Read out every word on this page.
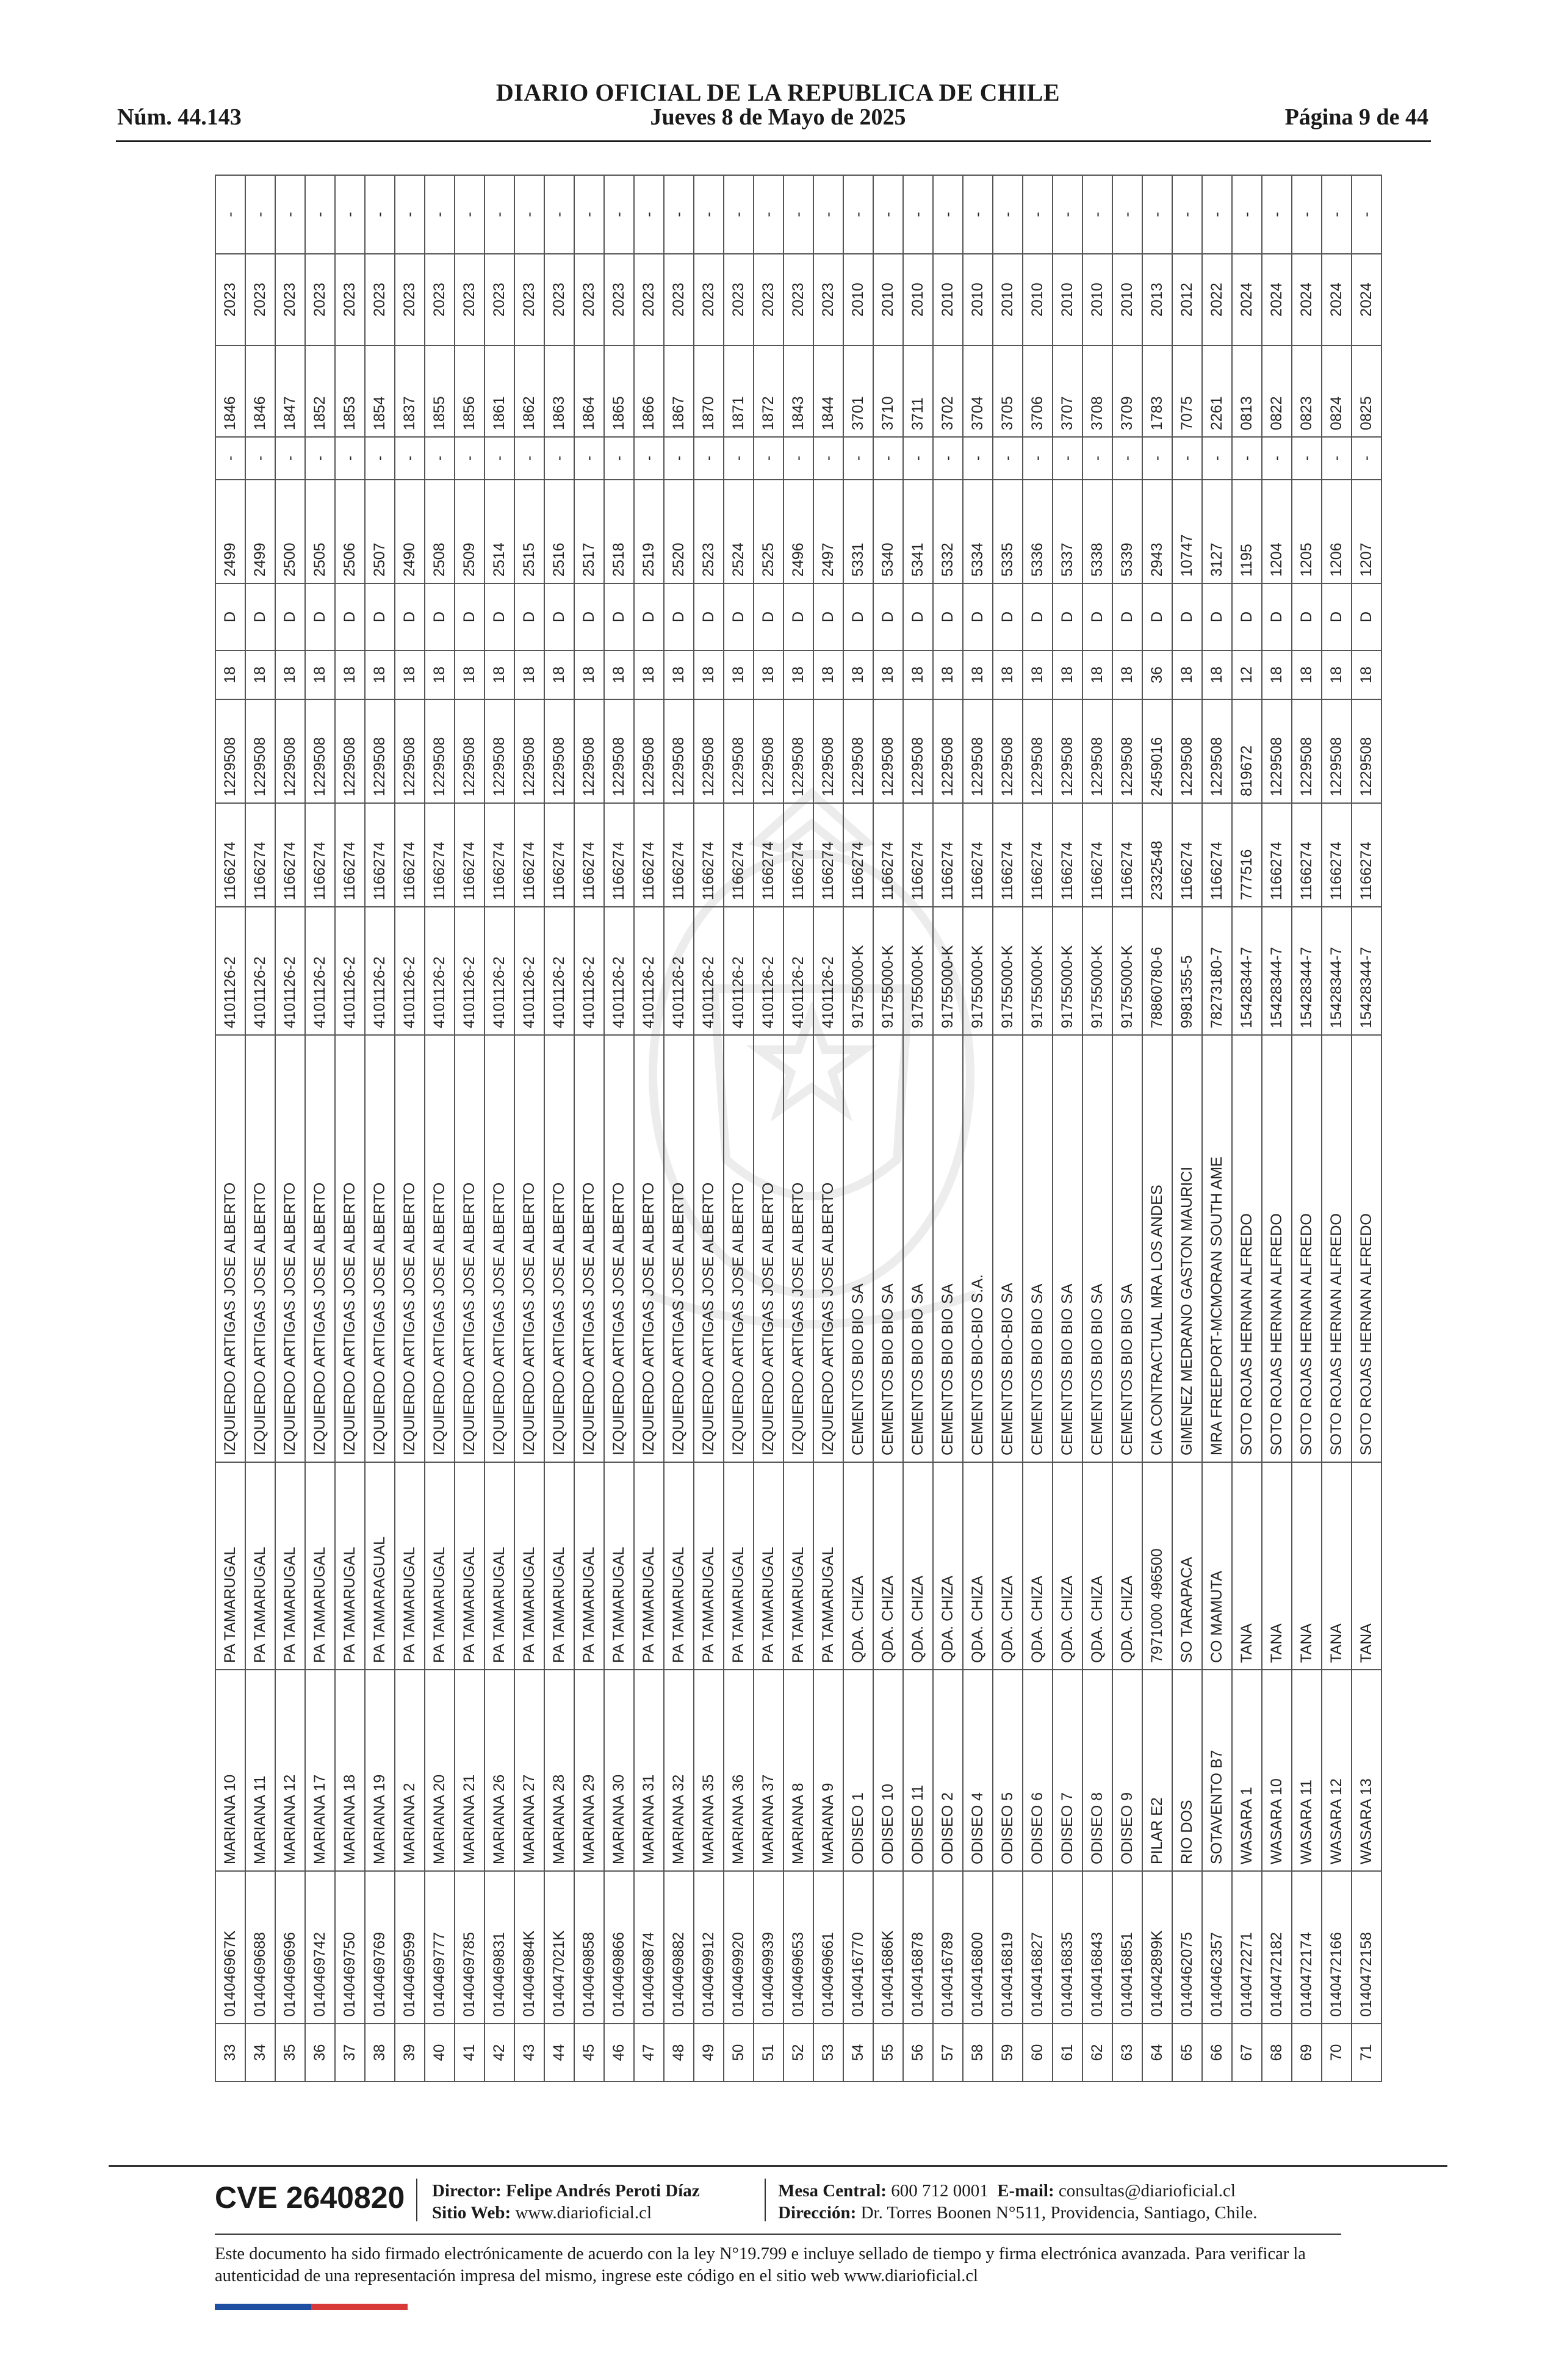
DIARIO OFICIAL DE LA REPUBLICA DE CHILE
Núm. 44.143	Jueves 8 de Mayo de 2025	Página 9 de 44
33	014046967K	MARIANA 10	PA TAMARUGAL	IZQUIERDO ARTIGAS JOSE ALBERTO	4101126-2	1166274	1229508	18	D	2499	-	1846	2023	-
34	0140469688	MARIANA 11	PA TAMARUGAL	IZQUIERDO ARTIGAS JOSE ALBERTO	4101126-2	1166274	1229508	18	D	2499	-	1846	2023	-
35	0140469696	MARIANA 12	PA TAMARUGAL	IZQUIERDO ARTIGAS JOSE ALBERTO	4101126-2	1166274	1229508	18	D	2500	-	1847	2023	-
36	0140469742	MARIANA 17	PA TAMARUGAL	IZQUIERDO ARTIGAS JOSE ALBERTO	4101126-2	1166274	1229508	18	D	2505	-	1852	2023	-
37	0140469750	MARIANA 18	PA TAMARUGAL	IZQUIERDO ARTIGAS JOSE ALBERTO	4101126-2	1166274	1229508	18	D	2506	-	1853	2023	-
38	0140469769	MARIANA 19	PA TAMARAGUAL	IZQUIERDO ARTIGAS JOSE ALBERTO	4101126-2	1166274	1229508	18	D	2507	-	1854	2023	-
39	0140469599	MARIANA 2	PA TAMARUGAL	IZQUIERDO ARTIGAS JOSE ALBERTO	4101126-2	1166274	1229508	18	D	2490	-	1837	2023	-
40	0140469777	MARIANA 20	PA TAMARUGAL	IZQUIERDO ARTIGAS JOSE ALBERTO	4101126-2	1166274	1229508	18	D	2508	-	1855	2023	-
41	0140469785	MARIANA 21	PA TAMARUGAL	IZQUIERDO ARTIGAS JOSE ALBERTO	4101126-2	1166274	1229508	18	D	2509	-	1856	2023	-
42	0140469831	MARIANA 26	PA TAMARUGAL	IZQUIERDO ARTIGAS JOSE ALBERTO	4101126-2	1166274	1229508	18	D	2514	-	1861	2023	-
43	014046984K	MARIANA 27	PA TAMARUGAL	IZQUIERDO ARTIGAS JOSE ALBERTO	4101126-2	1166274	1229508	18	D	2515	-	1862	2023	-
44	014047021K	MARIANA 28	PA TAMARUGAL	IZQUIERDO ARTIGAS JOSE ALBERTO	4101126-2	1166274	1229508	18	D	2516	-	1863	2023	-
45	0140469858	MARIANA 29	PA TAMARUGAL	IZQUIERDO ARTIGAS JOSE ALBERTO	4101126-2	1166274	1229508	18	D	2517	-	1864	2023	-
46	0140469866	MARIANA 30	PA TAMARUGAL	IZQUIERDO ARTIGAS JOSE ALBERTO	4101126-2	1166274	1229508	18	D	2518	-	1865	2023	-
47	0140469874	MARIANA 31	PA TAMARUGAL	IZQUIERDO ARTIGAS JOSE ALBERTO	4101126-2	1166274	1229508	18	D	2519	-	1866	2023	-
48	0140469882	MARIANA 32	PA TAMARUGAL	IZQUIERDO ARTIGAS JOSE ALBERTO	4101126-2	1166274	1229508	18	D	2520	-	1867	2023	-
49	0140469912	MARIANA 35	PA TAMARUGAL	IZQUIERDO ARTIGAS JOSE ALBERTO	4101126-2	1166274	1229508	18	D	2523	-	1870	2023	-
50	0140469920	MARIANA 36	PA TAMARUGAL	IZQUIERDO ARTIGAS JOSE ALBERTO	4101126-2	1166274	1229508	18	D	2524	-	1871	2023	-
51	0140469939	MARIANA 37	PA TAMARUGAL	IZQUIERDO ARTIGAS JOSE ALBERTO	4101126-2	1166274	1229508	18	D	2525	-	1872	2023	-
52	0140469653	MARIANA 8	PA TAMARUGAL	IZQUIERDO ARTIGAS JOSE ALBERTO	4101126-2	1166274	1229508	18	D	2496	-	1843	2023	-
53	0140469661	MARIANA 9	PA TAMARUGAL	IZQUIERDO ARTIGAS JOSE ALBERTO	4101126-2	1166274	1229508	18	D	2497	-	1844	2023	-
54	0140416770	ODISEO 1	QDA. CHIZA	CEMENTOS BIO BIO SA	91755000-K	1166274	1229508	18	D	5331	-	3701	2010	-
55	014041686K	ODISEO 10	QDA. CHIZA	CEMENTOS BIO BIO SA	91755000-K	1166274	1229508	18	D	5340	-	3710	2010	-
56	0140416878	ODISEO 11	QDA. CHIZA	CEMENTOS BIO BIO SA	91755000-K	1166274	1229508	18	D	5341	-	3711	2010	-
57	0140416789	ODISEO 2	QDA. CHIZA	CEMENTOS BIO BIO SA	91755000-K	1166274	1229508	18	D	5332	-	3702	2010	-
58	0140416800	ODISEO 4	QDA. CHIZA	CEMENTOS BIO-BIO S.A.	91755000-K	1166274	1229508	18	D	5334	-	3704	2010	-
59	0140416819	ODISEO 5	QDA. CHIZA	CEMENTOS BIO-BIO SA	91755000-K	1166274	1229508	18	D	5335	-	3705	2010	-
60	0140416827	ODISEO 6	QDA. CHIZA	CEMENTOS BIO BIO SA	91755000-K	1166274	1229508	18	D	5336	-	3706	2010	-
61	0140416835	ODISEO 7	QDA. CHIZA	CEMENTOS BIO BIO SA	91755000-K	1166274	1229508	18	D	5337	-	3707	2010	-
62	0140416843	ODISEO 8	QDA. CHIZA	CEMENTOS BIO BIO SA	91755000-K	1166274	1229508	18	D	5338	-	3708	2010	-
63	0140416851	ODISEO 9	QDA. CHIZA	CEMENTOS BIO BIO SA	91755000-K	1166274	1229508	18	D	5339	-	3709	2010	-
64	014042899K	PILAR E2	7971000 496500	CIA CONTRACTUAL MRA LOS ANDES	78860780-6	2332548	2459016	36	D	2943	-	1783	2013	-
65	0140462075	RIO DOS	SO TARAPACA	GIMENEZ MEDRANO GASTON MAURICI	9981355-5	1166274	1229508	18	D	10747	-	7075	2012	-
66	0140462357	SOTAVENTO B7	CO MAMUTA	MRA FREEPORT-MCMORAN SOUTH AME	78273180-7	1166274	1229508	18	D	3127	-	2261	2022	-
67	0140472271	WASARA 1	TANA	SOTO ROJAS HERNAN ALFREDO	15428344-7	777516	819672	12	D	1195	-	0813	2024	-
68	0140472182	WASARA 10	TANA	SOTO ROJAS HERNAN ALFREDO	15428344-7	1166274	1229508	18	D	1204	-	0822	2024	-
69	0140472174	WASARA 11	TANA	SOTO ROJAS HERNAN ALFREDO	15428344-7	1166274	1229508	18	D	1205	-	0823	2024	-
70	0140472166	WASARA 12	TANA	SOTO ROJAS HERNAN ALFREDO	15428344-7	1166274	1229508	18	D	1206	-	0824	2024	-
71	0140472158	WASARA 13	TANA	SOTO ROJAS HERNAN ALFREDO	15428344-7	1166274	1229508	18	D	1207	-	0825	2024	-
CVE 2640820 Director: Felipe Andrés Peroti Díaz
Sitio Web: www.diarioficial.cl
Mesa Central: 600 712 0001 E-mail: consultas@diarioficial.cl
Dirección: Dr. Torres Boonen N°511, Providencia, Santiago, Chile.
Este documento ha sido firmado electrónicamente de acuerdo con la ley N°19.799 e incluye sellado de tiempo y firma electrónica avanzada. Para verificar la autenticidad de una representación impresa del mismo, ingrese este código en el sitio web www.diarioficial.cl
